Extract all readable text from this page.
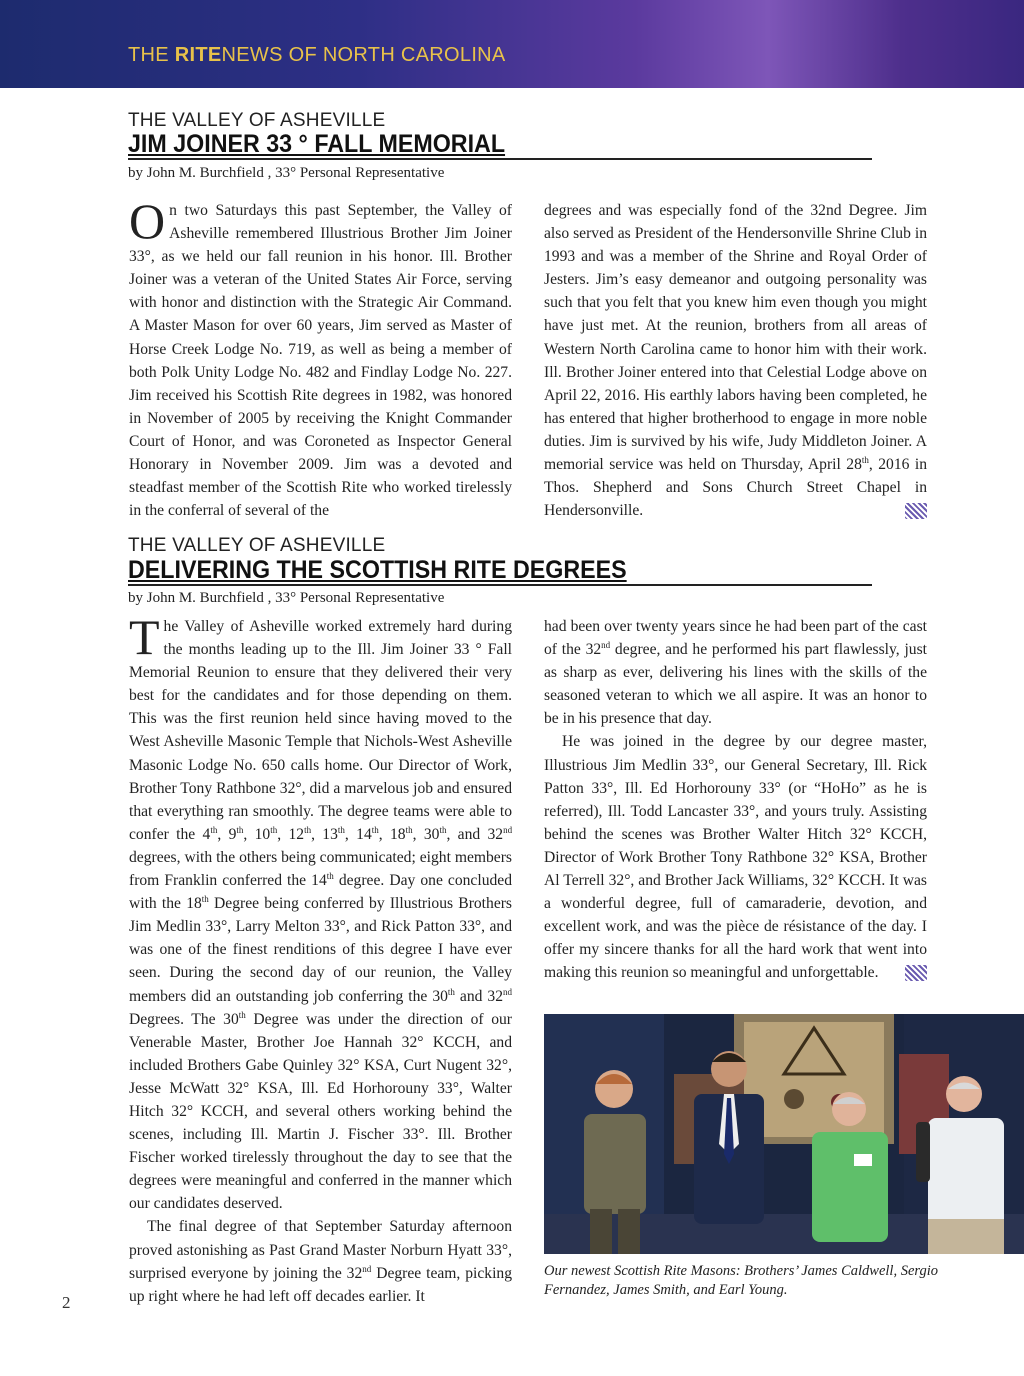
THE RITENEWS OF NORTH CAROLINA
THE VALLEY OF ASHEVILLE
JIM JOINER 33 ° FALL MEMORIAL
by John M. Burchfield , 33° Personal Representative

On two Saturdays this past September, the Valley of Asheville remembered Illustrious Brother Jim Joiner 33°, as we held our fall reunion in his honor. Ill. Brother Joiner was a veteran of the United States Air Force, serving with honor and distinction with the Strategic Air Command. A Master Mason for over 60 years, Jim served as Master of Horse Creek Lodge No. 719, as well as being a member of both Polk Unity Lodge No. 482 and Findlay Lodge No. 227. Jim received his Scottish Rite degrees in 1982, was honored in November of 2005 by receiving the Knight Commander Court of Honor, and was Coroneted as Inspector General Honorary in November 2009. Jim was a devoted and steadfast member of the Scottish Rite who worked tirelessly in the conferral of several of the

degrees and was especially fond of the 32nd Degree. Jim also served as President of the Hendersonville Shrine Club in 1993 and was a member of the Shrine and Royal Order of Jesters. Jim’s easy demeanor and outgoing personality was such that you felt that you knew him even though you might have just met. At the reunion, brothers from all areas of Western North Carolina came to honor him with their work. Ill. Brother Joiner entered into that Celestial Lodge above on April 22, 2016. His earthly labors having been completed, he has entered that higher brotherhood to engage in more noble duties. Jim is survived by his wife, Judy Middleton Joiner. A memorial service was held on Thursday, April 28th, 2016 in Thos. Shepherd and Sons Church Street Chapel in Hendersonville.

THE VALLEY OF ASHEVILLE
DELIVERING THE SCOTTISH RITE DEGREES
by John M. Burchfield , 33° Personal Representative

The Valley of Asheville worked extremely hard during the months leading up to the Ill. Jim Joiner 33 ° Fall Memorial Reunion to ensure that they delivered their very best for the candidates and for those depending on them. This was the first reunion held since having moved to the West Asheville Masonic Temple that Nichols-West Asheville Masonic Lodge No. 650 calls home. Our Director of Work, Brother Tony Rathbone 32°, did a marvelous job and ensured that everything ran smoothly. The degree teams were able to confer the 4th, 9th, 10th, 12th, 13th, 14th, 18th, 30th, and 32nd degrees, with the others being communicated; eight members from Franklin conferred the 14th degree. Day one concluded with the 18th Degree being conferred by Illustrious Brothers Jim Medlin 33°, Larry Melton 33°, and Rick Patton 33°, and was one of the finest renditions of this degree I have ever seen. During the second day of our reunion, the Valley members did an outstanding job conferring the 30th and 32nd Degrees. The 30th Degree was under the direction of our Venerable Master, Brother Joe Hannah 32° KCCH, and included Brothers Gabe Quinley 32° KSA, Curt Nugent 32°, Jesse McWatt 32° KSA, Ill. Ed Horhorouny 33°, Walter Hitch 32° KCCH, and several others working behind the scenes, including Ill. Martin J. Fischer 33°. Ill. Brother Fischer worked tirelessly throughout the day to see that the degrees were meaningful and conferred in the manner which our candidates deserved.

The final degree of that September Saturday afternoon proved astonishing as Past Grand Master Norburn Hyatt 33°, surprised everyone by joining the 32nd Degree team, picking up right where he had left off decades earlier. It

had been over twenty years since he had been part of the cast of the 32nd degree, and he performed his part flawlessly, just as sharp as ever, delivering his lines with the skills of the seasoned veteran to which we all aspire. It was an honor to be in his presence that day.

He was joined in the degree by our degree master, Illustrious Jim Medlin 33°, our General Secretary, Ill. Rick Patton 33°, Ill. Ed Horhorouny 33° (or “HoHo” as he is referred), Ill. Todd Lancaster 33°, and yours truly. Assisting behind the scenes was Brother Walter Hitch 32° KCCH, Director of Work Brother Tony Rathbone 32° KSA, Brother Al Terrell 32°, and Brother Jack Williams, 32° KCCH. It was a wonderful degree, full of camaraderie, devotion, and excellent work, and was the pièce de résistance of the day. I offer my sincere thanks for all the hard work that went into making this reunion so meaningful and unforgettable.

Our newest Scottish Rite Masons: Brothers’ James Caldwell, Sergio Fernandez, James Smith, and Earl Young.
2
